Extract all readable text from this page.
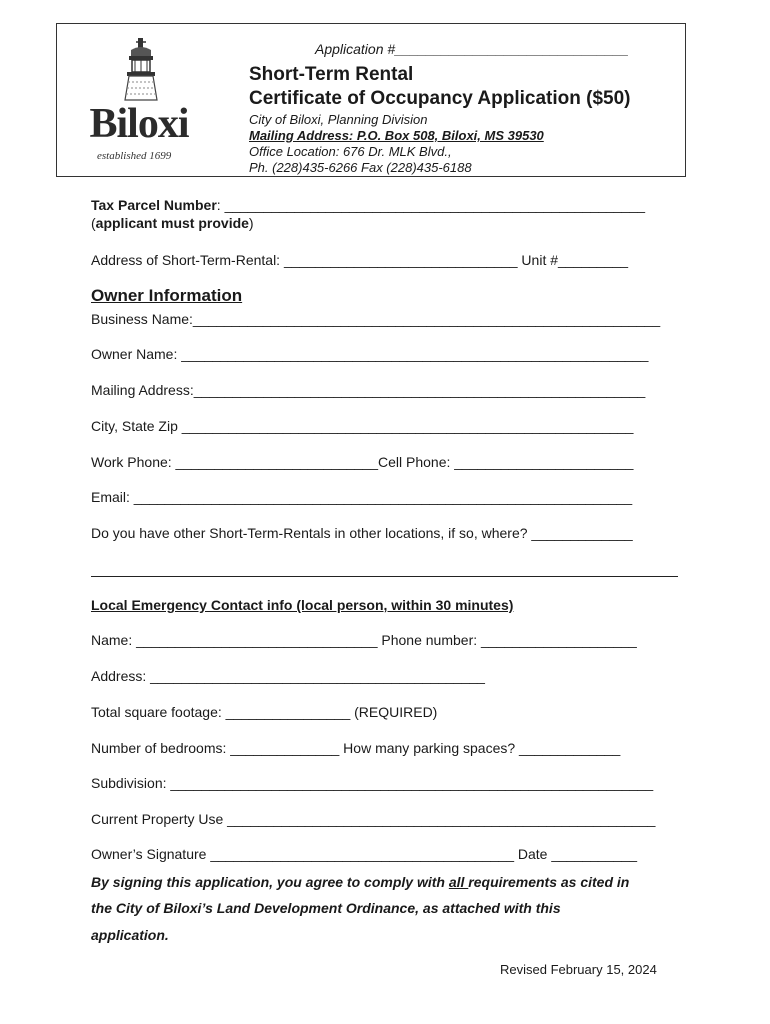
Biloxi
established 1699
Application #______________________________
Short-Term Rental
Certificate of Occupancy Application ($50)
City of Biloxi, Planning Division
Mailing Address: P.O. Box 508, Biloxi, MS 39530
Office Location: 676 Dr. MLK Blvd.,
Ph. (228)435-6266 Fax (228)435-6188
Tax Parcel Number: ______________________________________________________
(applicant must provide)
Address of Short-Term-Rental: ______________________________ Unit #_________
Owner Information
Business Name:____________________________________________________________
Owner Name: ____________________________________________________________
Mailing Address:__________________________________________________________
City, State Zip __________________________________________________________
Work Phone: __________________________Cell Phone: _______________________
Email: ________________________________________________________________
Do you have other Short-Term-Rentals in other locations, if so, where? _____________
Local Emergency Contact info (local person, within 30 minutes)
Name: _______________________________ Phone number: ____________________
Address: ___________________________________________
Total square footage: ________________ (REQUIRED)
Number of bedrooms: ______________ How many parking spaces? _____________
Subdivision: ______________________________________________________________
Current Property Use _______________________________________________________
Owner’s Signature _______________________________________ Date ___________
By signing this application, you agree to comply with all requirements as cited in
the City of Biloxi’s Land Development Ordinance, as attached with this
application.
Revised February 15, 2024
